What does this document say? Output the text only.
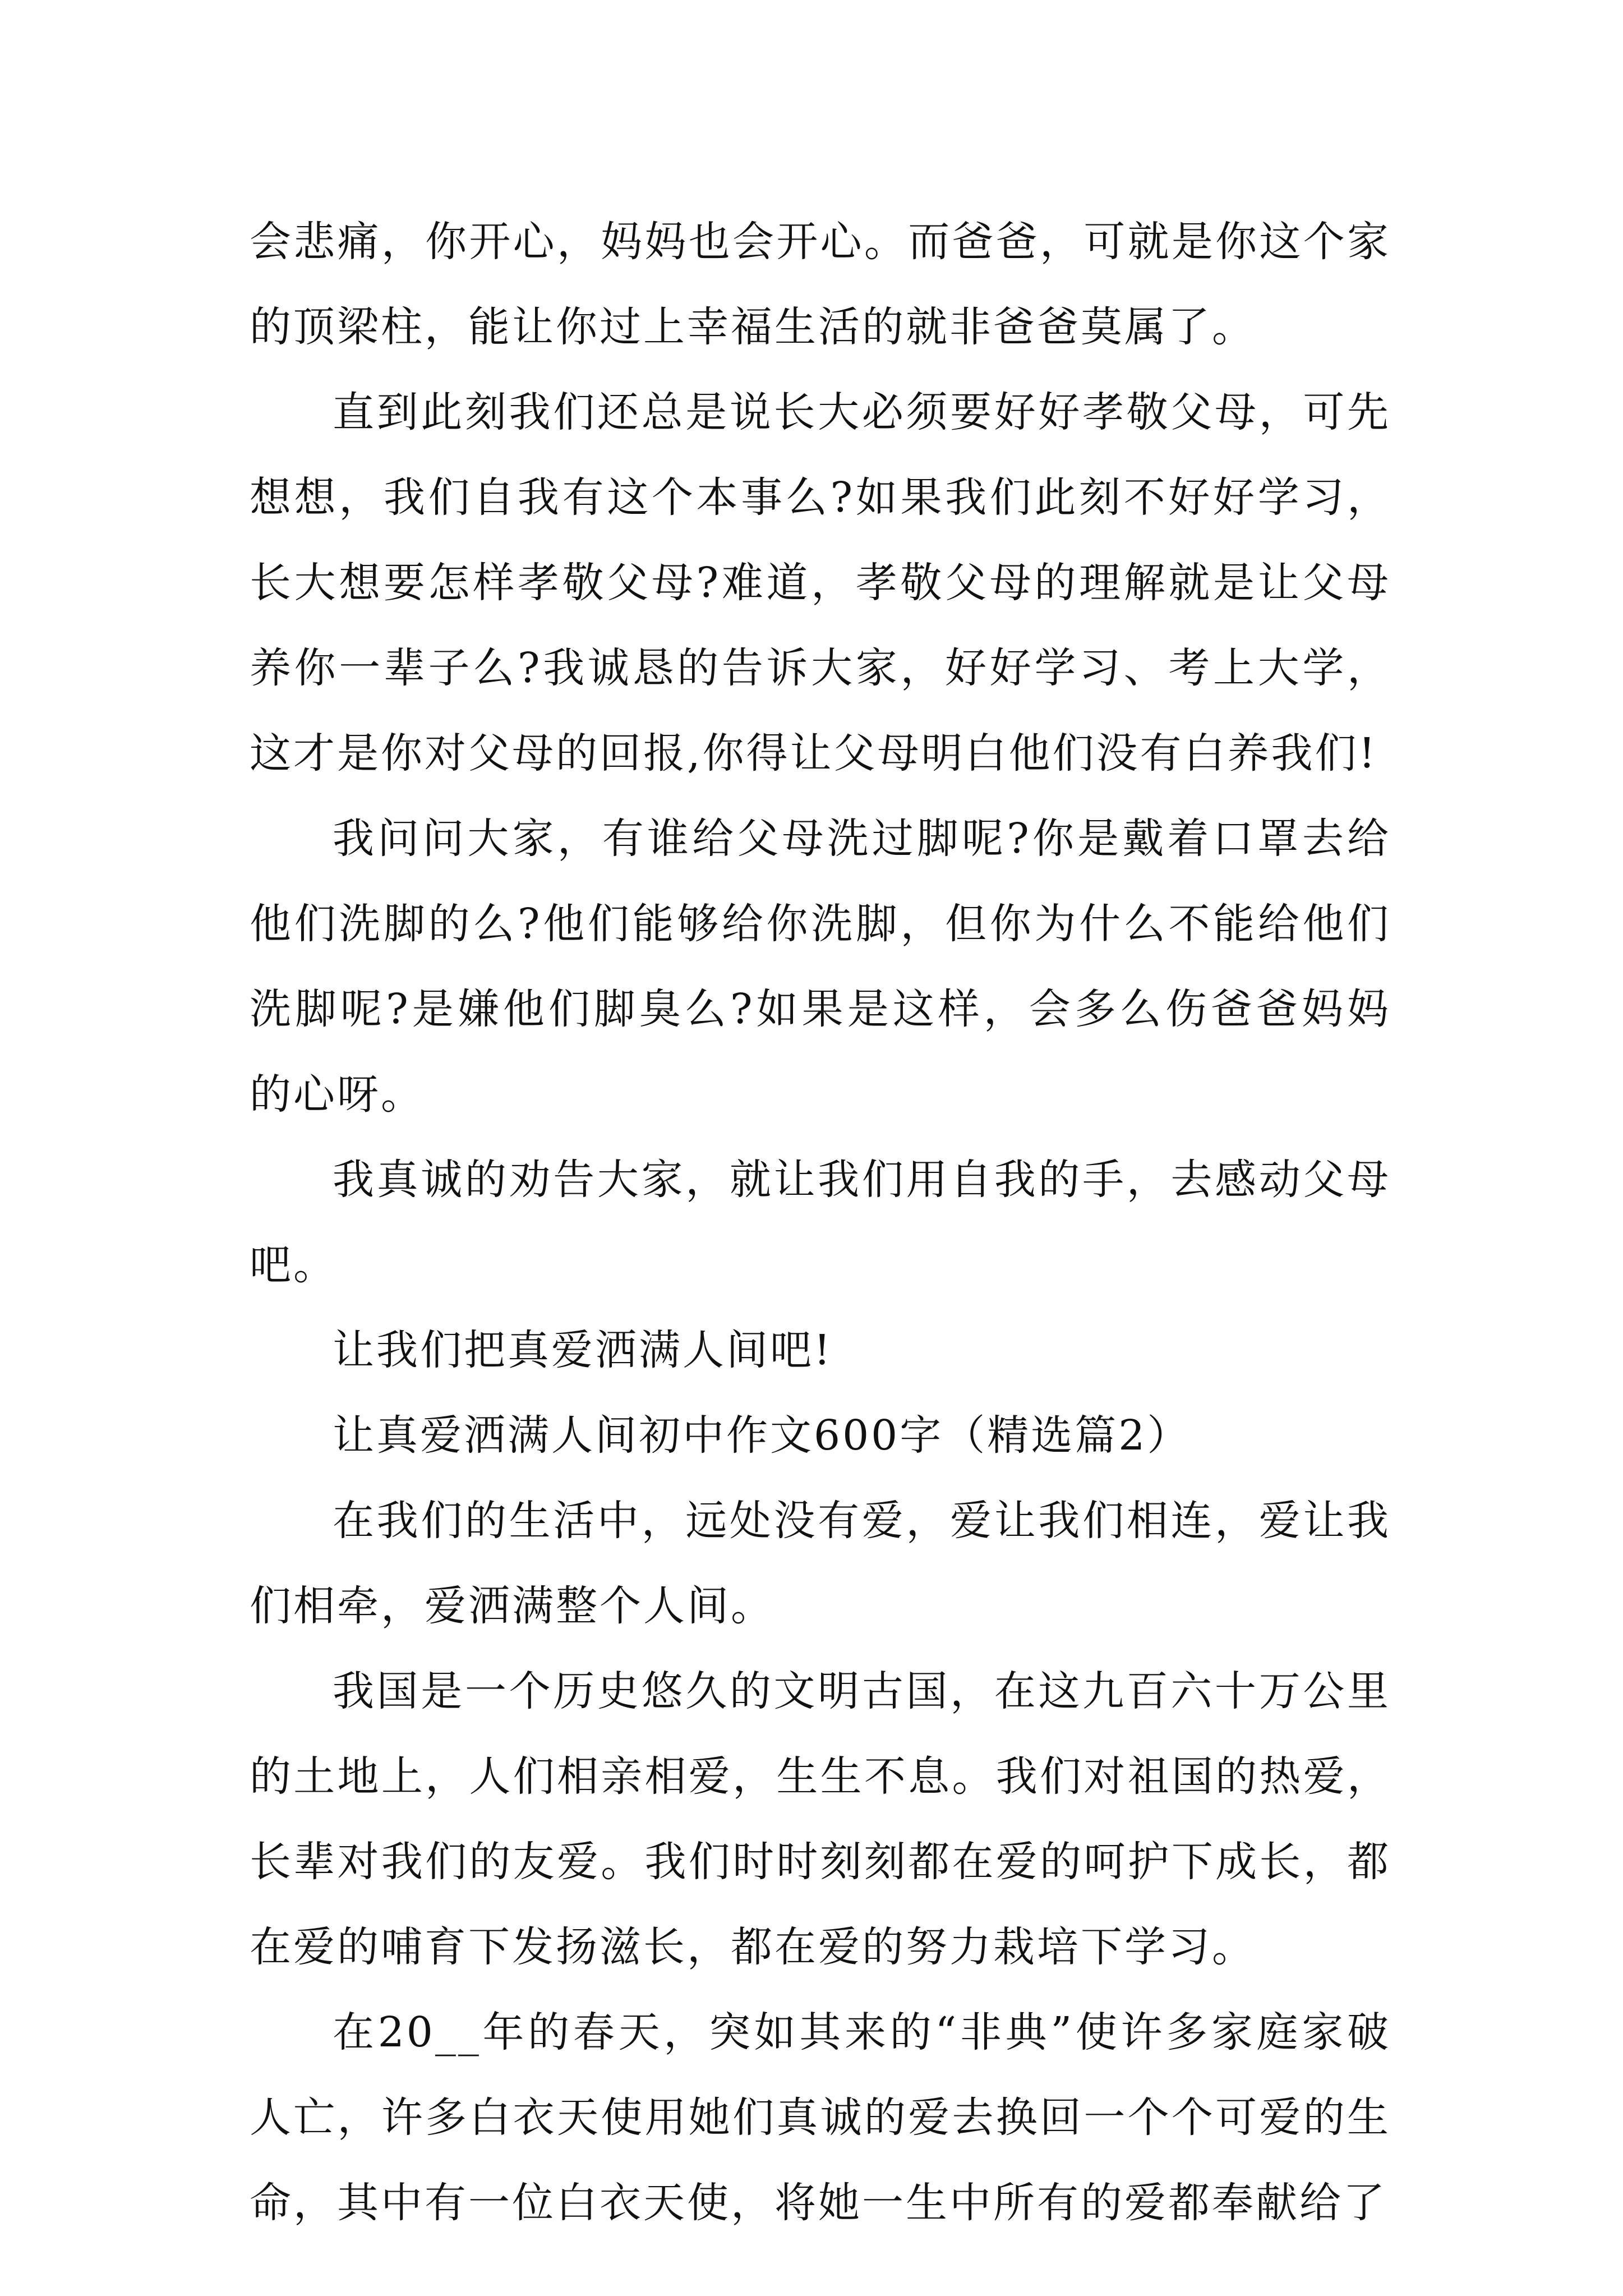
会悲痛，你开心，妈妈也会开心。而爸爸，可就是你这个家的顶梁柱，能让你过上幸福生活的就非爸爸莫属了。

直到此刻我们还总是说长大必须要好好孝敬父母，可先想想，我们自我有这个本事么?如果我们此刻不好好学习，长大想要怎样孝敬父母?难道，孝敬父母的理解就是让父母养你一辈子么?我诚恳的告诉大家，好好学习、考上大学，这才是你对父母的回报,你得让父母明白他们没有白养我们!

我问问大家，有谁给父母洗过脚呢?你是戴着口罩去给他们洗脚的么?他们能够给你洗脚，但你为什么不能给他们洗脚呢?是嫌他们脚臭么?如果是这样，会多么伤爸爸妈妈的心呀。

我真诚的劝告大家，就让我们用自我的手，去感动父母吧。

让我们把真爱洒满人间吧!

让真爱洒满人间初中作文600字（精选篇2）

在我们的生活中，远处没有爱，爱让我们相连，爱让我们相牵，爱洒满整个人间。

我国是一个历史悠久的文明古国，在这九百六十万公里的土地上，人们相亲相爱，生生不息。我们对祖国的热爱，长辈对我们的友爱。我们时时刻刻都在爱的呵护下成长，都在爱的哺育下发扬滋长，都在爱的努力栽培下学习。

在20__年的春天，突如其来的“非典”使许多家庭家破人亡，许多白衣天使用她们真诚的爱去换回一个个可爱的生命，其中有一位白衣天使，将她一生中所有的爱都奉献给了
